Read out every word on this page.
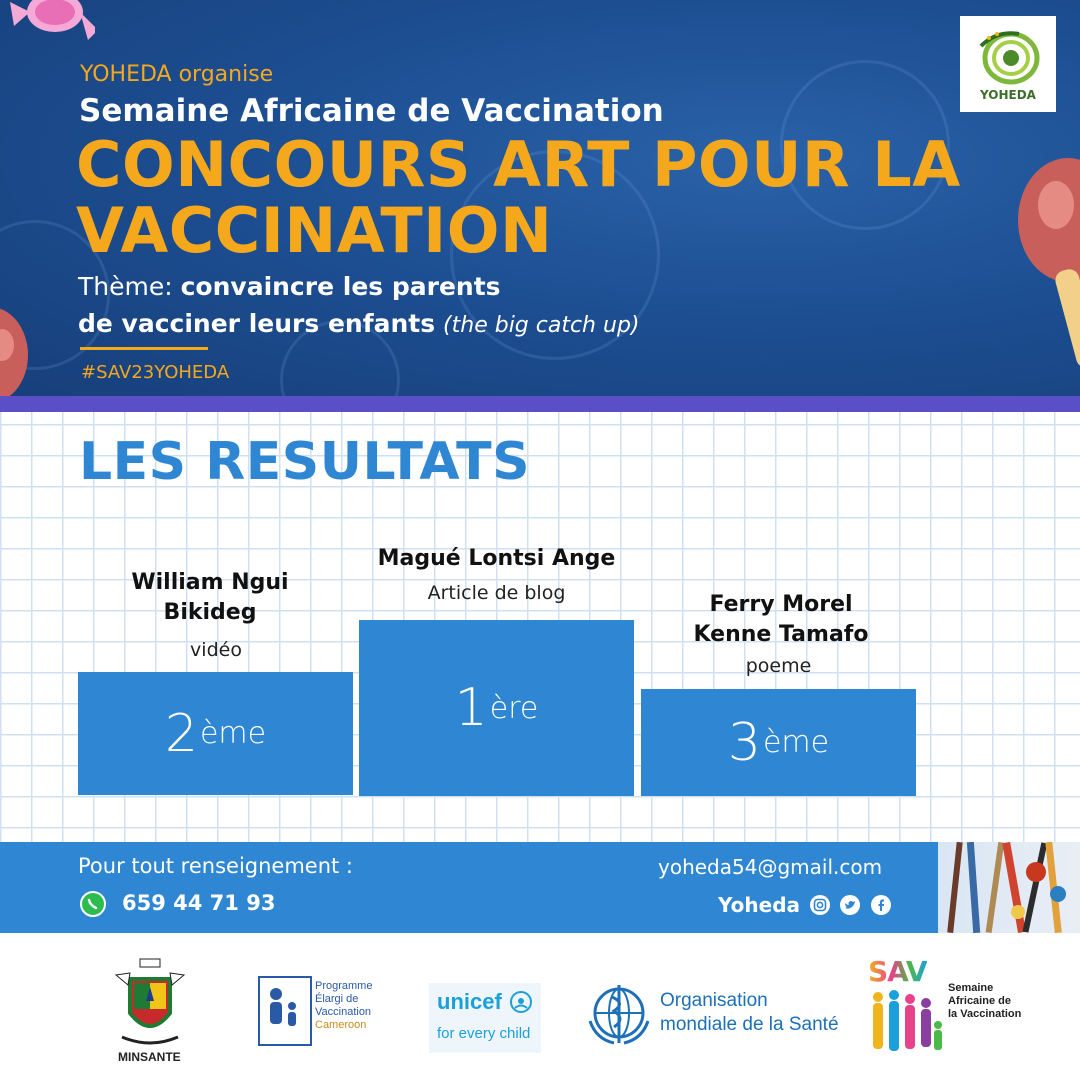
YOHEDA
YOHEDA organise
Semaine Africaine de Vaccination
CONCOURS ART POUR LA VACCINATION
Thème: convaincre les parents
de vacciner leurs enfants (the big catch up)
#SAV23YOHEDA
LES RESULTATS
William Ngui Bikideg
vidéo
2 ème
Magué Lontsi Ange
Article de blog
1 ère
Ferry Morel Kenne Tamafo
poeme
3 ème
Pour tout renseignement :
659 44 71 93
yoheda54@gmail.com
Yoheda
MINSANTE
Programme
Élargi de
Vaccination
Cameroon
unicef
for every child
Organisation
mondiale de la Santé
SAV Semaine
Africaine de
la Vaccination
